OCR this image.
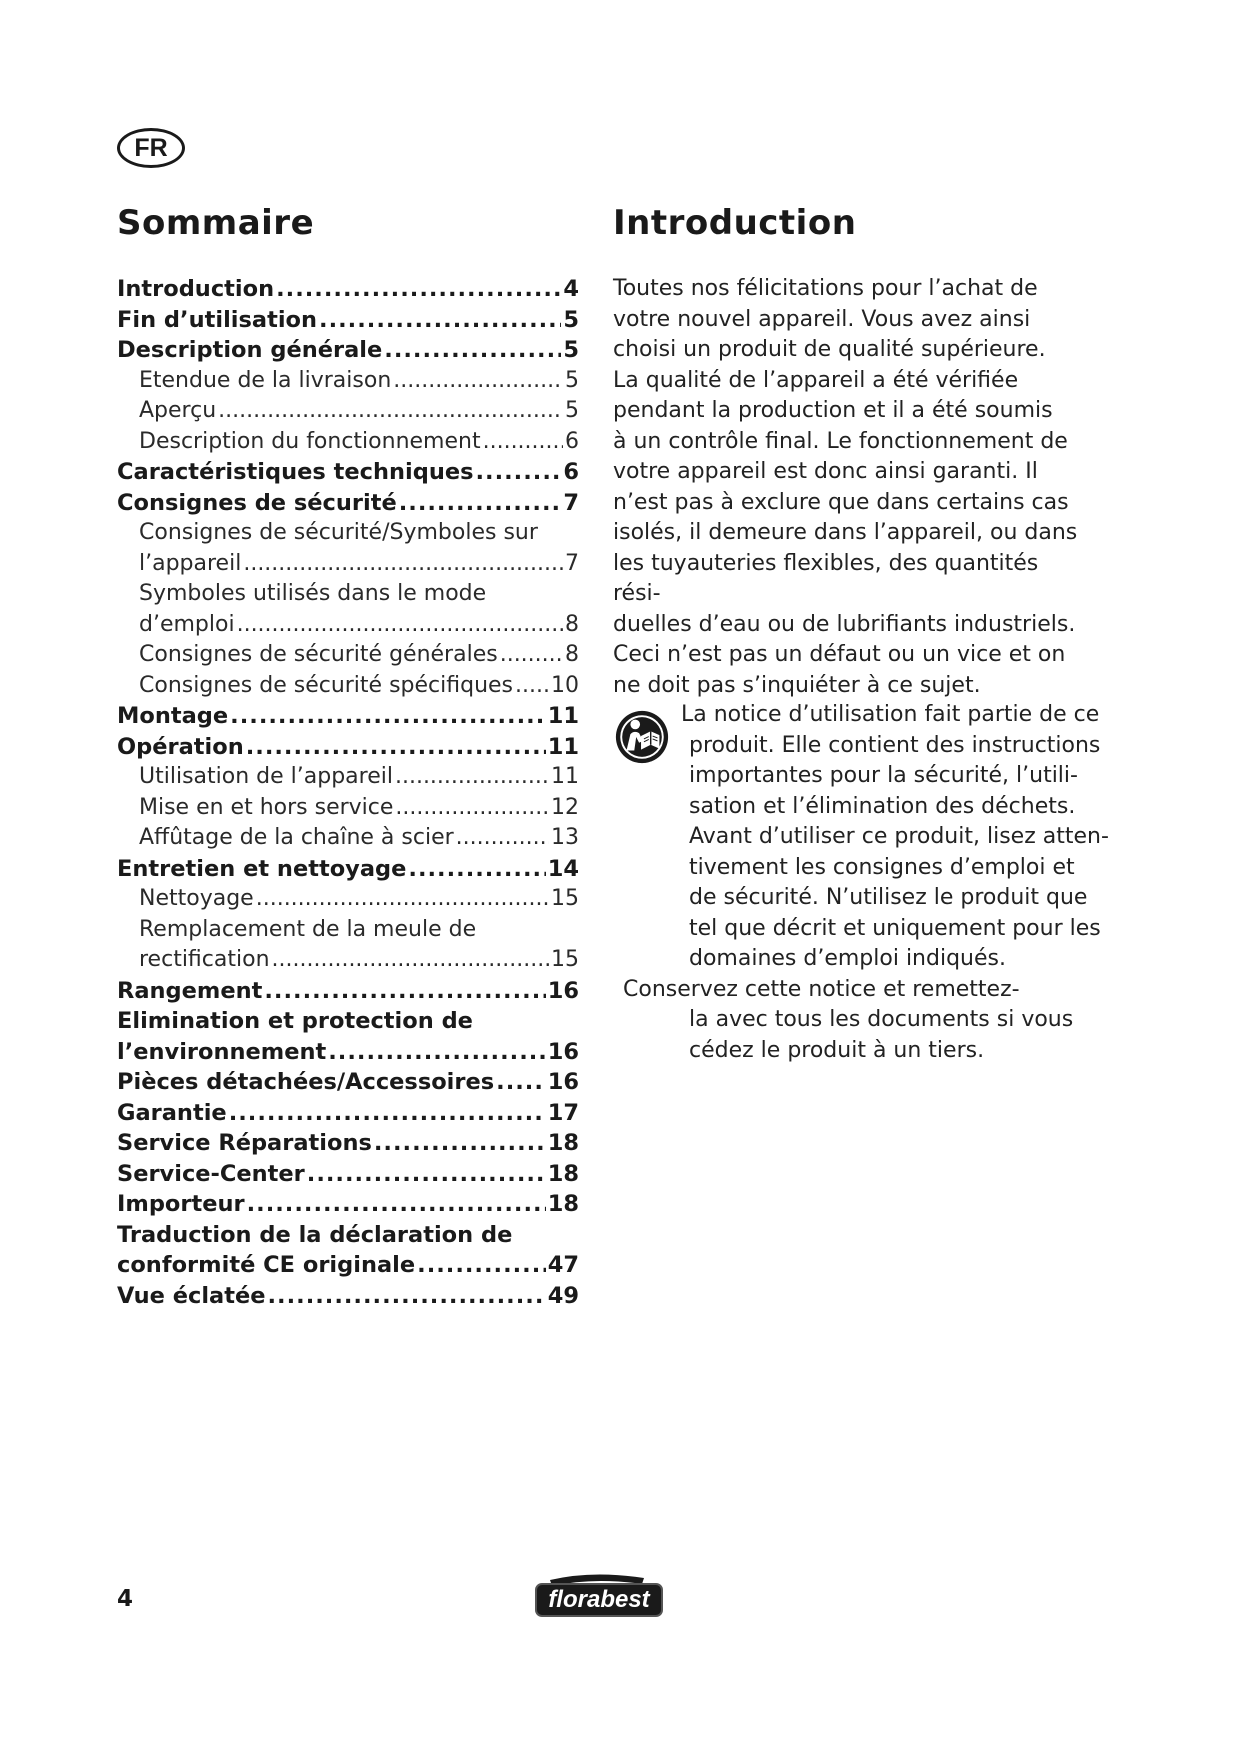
FR
Sommaire	Introduction
Introduction .....	4
Fin d’utilisation .....	5
Description générale .....	5
Etendue de la livraison .....	5
Aperçu .....	5
Description du fonctionnement .....	6
Caractéristiques techniques .....	6
Consignes de sécurité .....	7
Consignes de sécurité/Symboles sur
l’appareil .....	7
Symboles utilisés dans le mode
d’emploi .....	8
Consignes de sécurité générales .....	8
Consignes de sécurité spécifiques ..... 10
Montage .....	11
Opération .....	11
Utilisation de l’appareil .....	11
Mise en et hors service .....	12
Affûtage de la chaîne à scier .....	13
Entretien et nettoyage .....	14
Nettoyage .....	15
Remplacement de la meule de
rectification .....	15
Rangement .....	16
Elimination et protection de
l’environnement .....	16
Pièces détachées/Accessoires ..... 16
Garantie .....	17
Service Réparations .....	18
Service-Center .....	18
Importeur .....	18
Traduction de la déclaration de
conformité CE originale .....	47
Vue éclatée .....	49
Toutes nos félicitations pour l’achat de
votre nouvel appareil. Vous avez ainsi
choisi un produit de qualité supérieure.
La qualité de l’appareil a été vérifiée
pendant la production et il a été soumis
à un contrôle final. Le fonctionnement de
votre appareil est donc ainsi garanti. Il
n’est pas à exclure que dans certains cas
isolés, il demeure dans l’appareil, ou dans
les tuyauteries flexibles, des quantités rési-
duelles d’eau ou de lubrifiants industriels.
Ceci n’est pas un défaut ou un vice et on
ne doit pas s’inquiéter à ce sujet.
La notice d’utilisation fait partie de ce
produit. Elle contient des instructions
importantes pour la sécurité, l’utili-
sation et l’élimination des déchets.
Avant d’utiliser ce produit, lisez atten-
tivement les consignes d’emploi et
de sécurité. N’utilisez le produit que
tel que décrit et uniquement pour les
domaines d’emploi indiqués.
Conservez cette notice et remettez-
la avec tous les documents si vous
cédez le produit à un tiers.
4	florabest
